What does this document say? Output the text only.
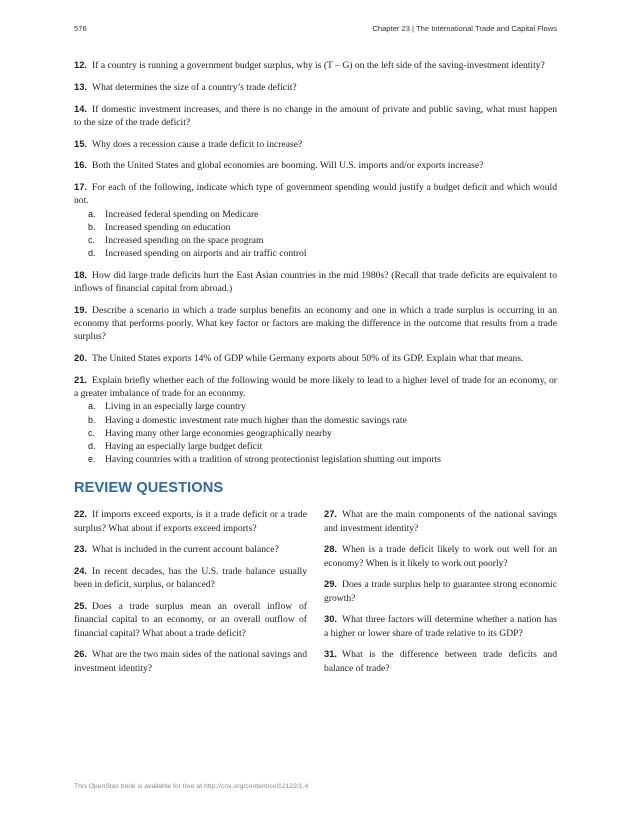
576	Chapter 23 | The International Trade and Capital Flows

12. If a country is running a government budget surplus, why is (T – G) on the left side of the saving-investment identity?

13. What determines the size of a country’s trade deficit?

14. If domestic investment increases, and there is no change in the amount of private and public saving, what must happen to the size of the trade deficit?

15. Why does a recession cause a trade deficit to increase?

16. Both the United States and global economies are booming. Will U.S. imports and/or exports increase?

17. For each of the following, indicate which type of government spending would justify a budget deficit and which would not.
a. Increased federal spending on Medicare
b. Increased spending on education
c. Increased spending on the space program
d. Increased spending on airports and air traffic control

18. How did large trade deficits hurt the East Asian countries in the mid 1980s? (Recall that trade deficits are equivalent to inflows of financial capital from abroad.)

19. Describe a scenario in which a trade surplus benefits an economy and one in which a trade surplus is occurring in an economy that performs poorly. What key factor or factors are making the difference in the outcome that results from a trade surplus?

20. The United States exports 14% of GDP while Germany exports about 50% of its GDP. Explain what that means.

21. Explain briefly whether each of the following would be more likely to lead to a higher level of trade for an economy, or a greater imbalance of trade for an economy.
a. Living in an especially large country
b. Having a domestic investment rate much higher than the domestic savings rate
c. Having many other large economies geographically nearby
d. Having an especially large budget deficit
e. Having countries with a tradition of strong protectionist legislation shutting out imports
REVIEW QUESTIONS

22. If imports exceed exports, is it a trade deficit or a trade surplus? What about if exports exceed imports?

23. What is included in the current account balance?

24. In recent decades, has the U.S. trade balance usually been in deficit, surplus, or balanced?

25. Does a trade surplus mean an overall inflow of financial capital to an economy, or an overall outflow of financial capital? What about a trade deficit?

26. What are the two main sides of the national savings and investment identity?

27. What are the main components of the national savings and investment identity?

28. When is a trade deficit likely to work out well for an economy? When is it likely to work out poorly?

29. Does a trade surplus help to guarantee strong economic growth?

30. What three factors will determine whether a nation has a higher or lower share of trade relative to its GDP?

31. What is the difference between trade deficits and balance of trade?

This OpenStax book is available for free at http://cnx.org/content/col12122/1.4
